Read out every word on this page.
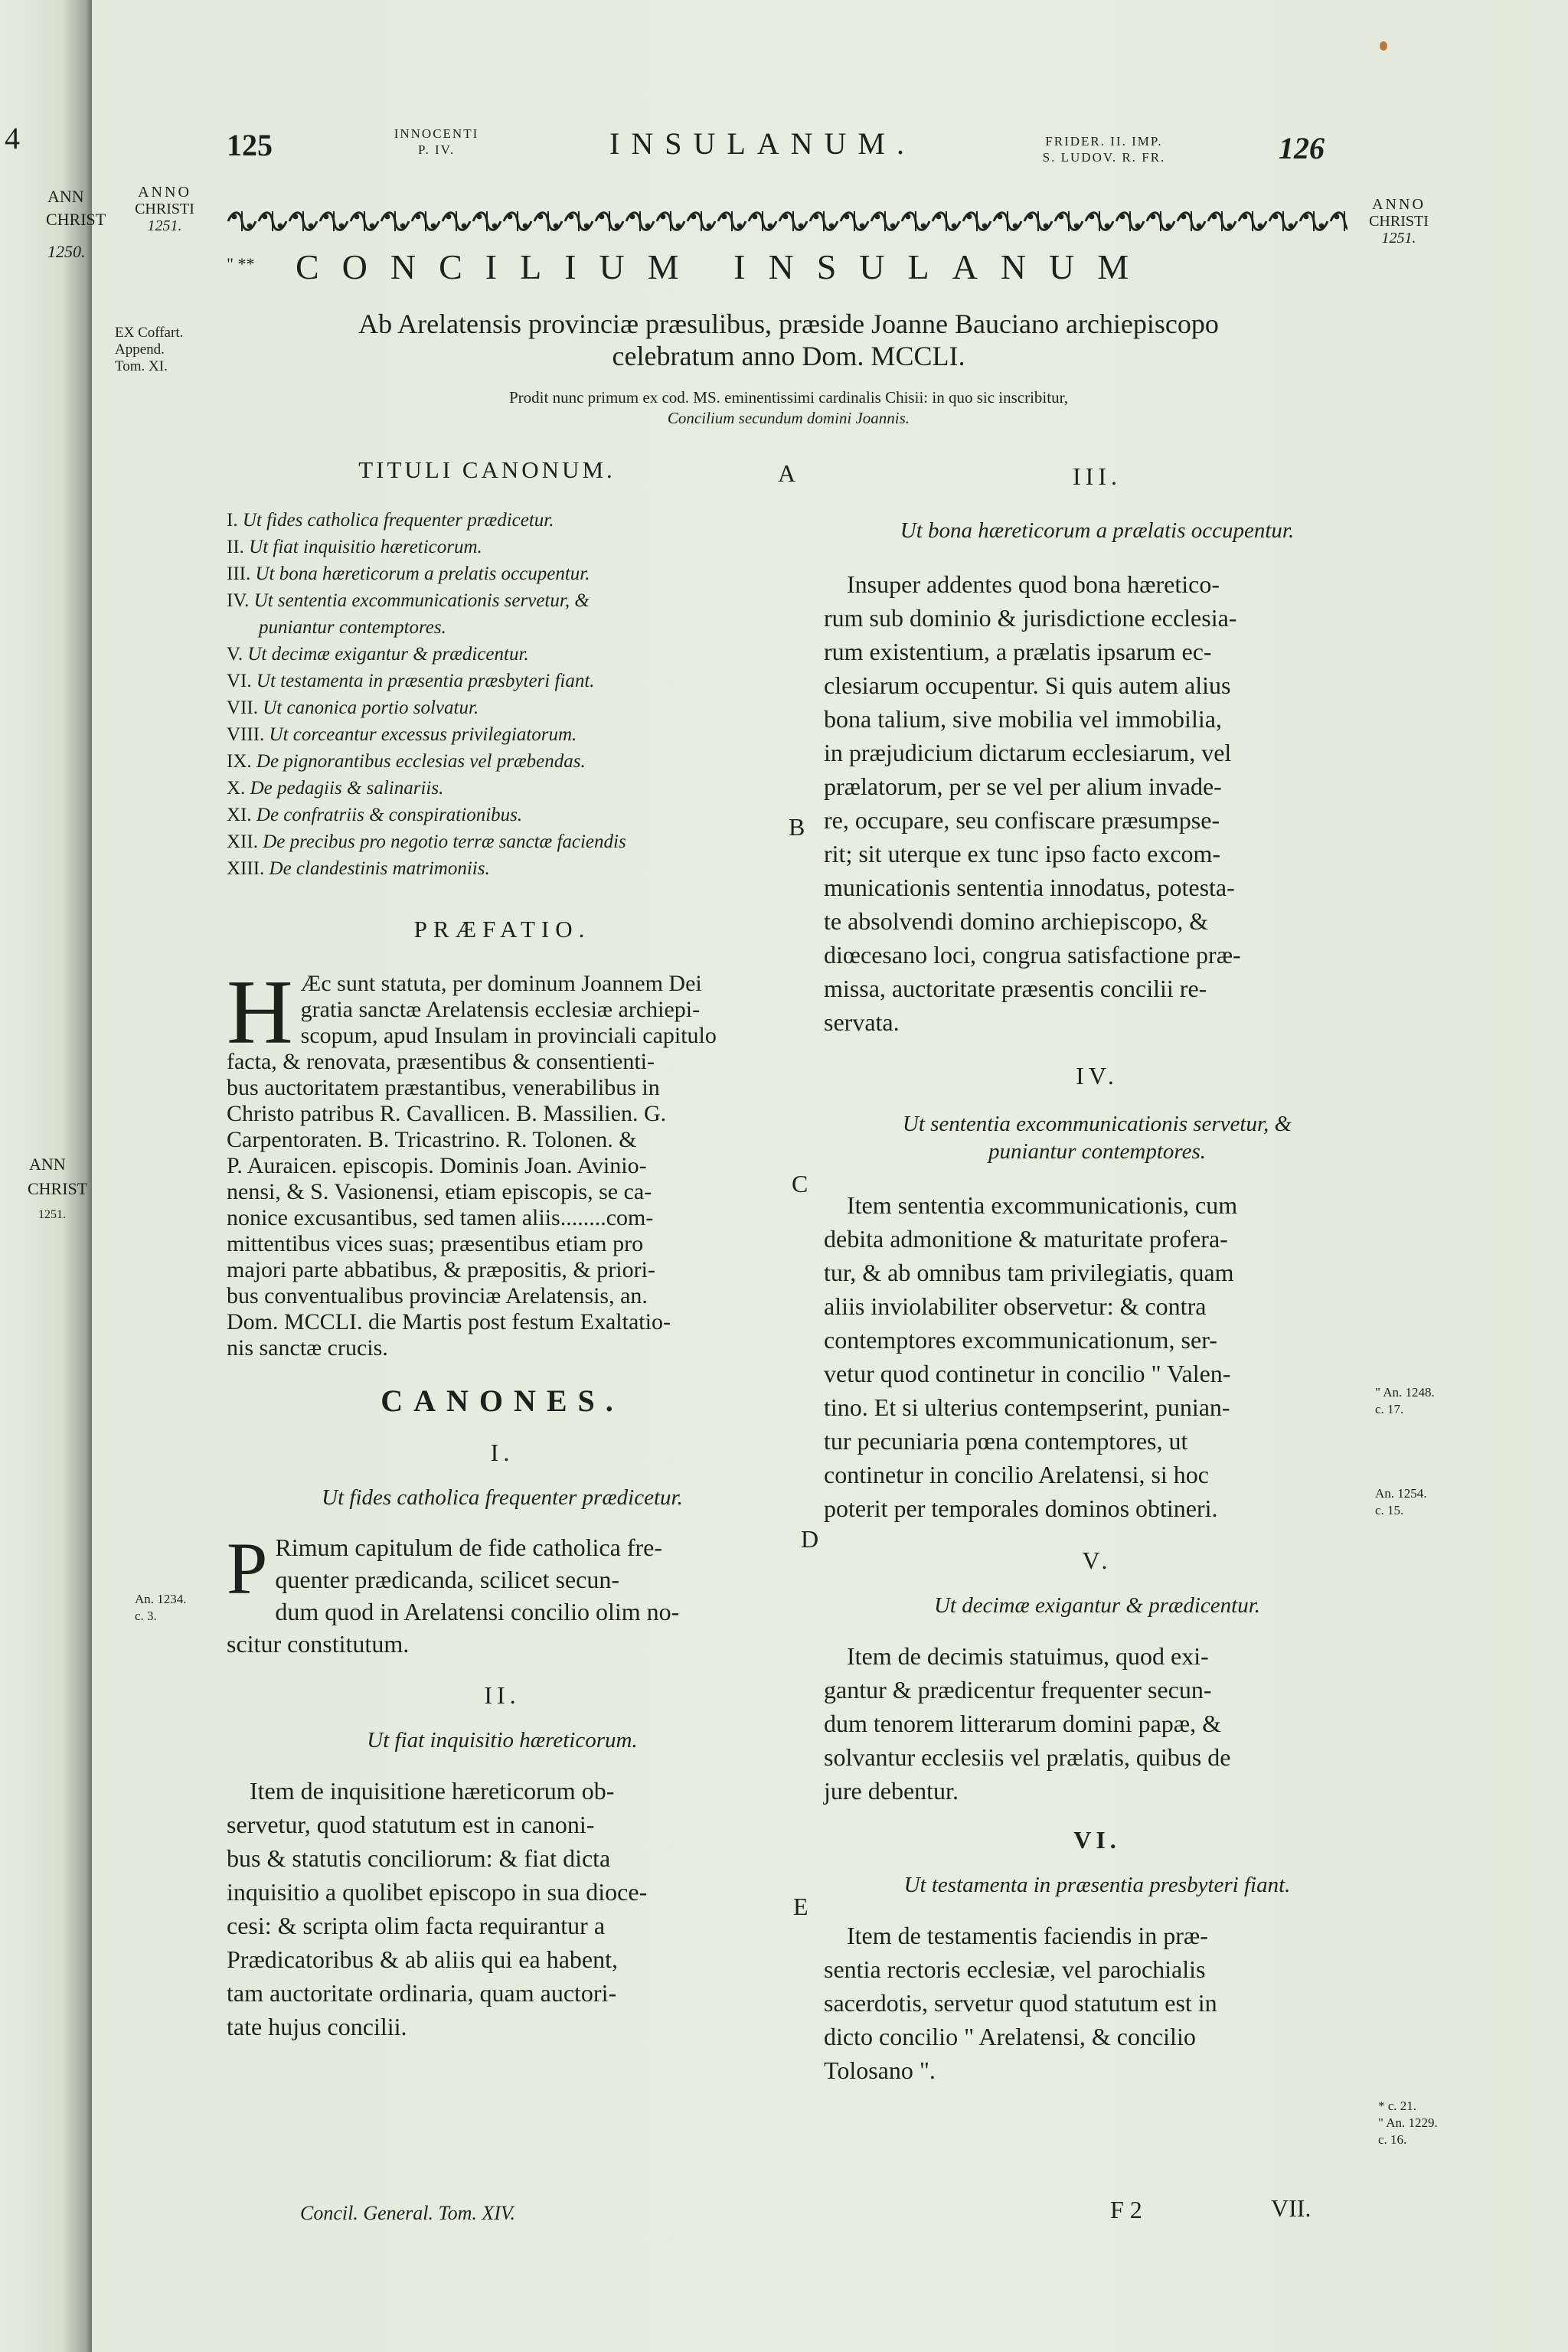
4
ANN
CHRIST
1250.
ANN
CHRIST
1251.
125	INNOCENTI
P. IV.	INSULANUM.	FRIDER. II. IMP.
S. LUDOV. R. FR.	126
ANNO
CHRISTI
1251.
EX Coffart.
Append.
Tom. XI.
ANNO
CHRISTI
1251.
An. 1234.
c. 3.
" An. 1248.
c. 17.
An. 1254.
c. 15.
* c. 21.
" An. 1229.
c. 16.
" ** CONCILIUM INSULANUM
Ab Arelatensis provinciæ præsulibus, præside Joanne Bauciano archiepiscopo
celebratum anno Dom. MCCLI.
Prodit nunc primum ex cod. MS. eminentissimi cardinalis Chisii: in quo sic inscribitur,
Concilium secundum domini Joannis.
A
B
C
D
E
TITULI CANONUM.
I. Ut fides catholica frequenter prædicetur.
II. Ut fiat inquisitio hæreticorum.
III. Ut bona hæreticorum a prelatis occupentur.
IV. Ut sententia excommunicationis servetur, &
puniantur contemptores.
V. Ut decimæ exigantur & prædicentur.
VI. Ut testamenta in præsentia præsbyteri fiant.
VII. Ut canonica portio solvatur.
VIII. Ut corceantur excessus privilegiatorum.
IX. De pignorantibus ecclesias vel præbendas.
X. De pedagiis & salinariis.
XI. De confratriis & conspirationibus.
XII. De precibus pro negotio terræ sanctæ faciendis
XIII. De clandestinis matrimoniis.
PRÆFATIO.
H Æc sunt statuta, per dominum Joannem Dei

gratia sanctæ Arelatensis ecclesiæ archiepi-

scopum, apud Insulam in provinciali capitulo

facta, & renovata, præsentibus & consentienti-

bus auctoritatem præstantibus, venerabilibus in

Christo patribus R. Cavallicen. B. Massilien. G.

Carpentoraten. B. Tricastrino. R. Tolonen. &

P. Auraicen. episcopis. Dominis Joan. Avinio-

nensi, & S. Vasionensi, etiam episcopis, se ca-

nonice excusantibus, sed tamen aliis........com-

mittentibus vices suas; præsentibus etiam pro

majori parte abbatibus, & præpositis, & priori-

bus conventualibus provinciæ Arelatensis, an.

Dom. MCCLI. die Martis post festum Exaltatio-

nis sanctæ crucis.

CANONES.
I.
Ut fides catholica frequenter prædicetur.
P Rimum capitulum de fide catholica fre-

quenter prædicanda, scilicet secun-

dum quod in Arelatensi concilio olim no-

scitur constitutum.

II.
Ut fiat inquisitio hæreticorum.

Item de inquisitione hæreticorum ob-

servetur, quod statutum est in canoni-

bus & statutis conciliorum: & fiat dicta

inquisitio a quolibet episcopo in sua dioce-

cesi: & scripta olim facta requirantur a

Prædicatoribus & ab aliis qui ea habent,

tam auctoritate ordinaria, quam auctori-

tate hujus concilii.

III.
Ut bona hæreticorum a prælatis occupentur.

Insuper addentes quod bona hæretico-

rum sub dominio & jurisdictione ecclesia-

rum existentium, a prælatis ipsarum ec-

clesiarum occupentur. Si quis autem alius

bona talium, sive mobilia vel immobilia,

in præjudicium dictarum ecclesiarum, vel

prælatorum, per se vel per alium invade-

re, occupare, seu confiscare præsumpse-

rit; sit uterque ex tunc ipso facto excom-

municationis sententia innodatus, potesta-

te absolvendi domino archiepiscopo, &

diœcesano loci, congrua satisfactione præ-

missa, auctoritate præsentis concilii re-

servata.

IV.
Ut sententia excommunicationis servetur, &
puniantur contemptores.

Item sententia excommunicationis, cum

debita admonitione & maturitate profera-

tur, & ab omnibus tam privilegiatis, quam

aliis inviolabiliter observetur: & contra

contemptores excommunicationum, ser-

vetur quod continetur in concilio " Valen-

tino. Et si ulterius contempserint, punian-

tur pecuniaria pœna contemptores, ut

continetur in concilio Arelatensi, si hoc

poterit per temporales dominos obtineri.

V.
Ut decimæ exigantur & prædicentur.

Item de decimis statuimus, quod exi-

gantur & prædicentur frequenter secun-

dum tenorem litterarum domini papæ, &

solvantur ecclesiis vel prælatis, quibus de

jure debentur.

VI.
Ut testamenta in præsentia presbyteri fiant.

Item de testamentis faciendis in præ-

sentia rectoris ecclesiæ, vel parochialis

sacerdotis, servetur quod statutum est in

dicto concilio " Arelatensi, & concilio

Tolosano ".

Concil. General. Tom. XIV.	F 2	VII.
